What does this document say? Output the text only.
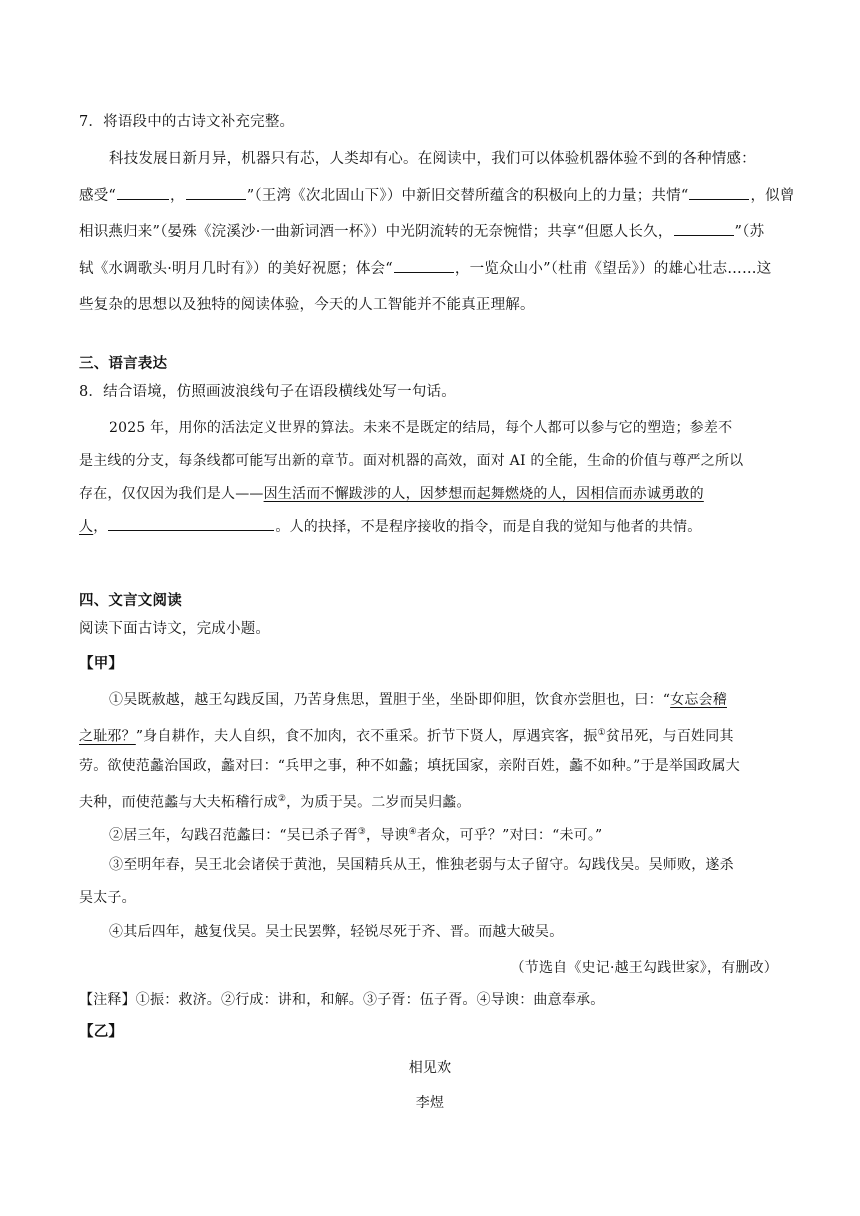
7．将语段中的古诗文补充完整。
科技发展日新月异，机器只有芯，人类却有心。在阅读中，我们可以体验机器体验不到的各种情感：
感受“	，	”（王湾《次北固山下》）中新旧交替所蕴含的积极向上的力量；共情“	，似曾
相识燕归来”（晏殊《浣溪沙·一曲新词酒一杯》）中光阴流转的无奈惋惜；共享“但愿人长久，	”（苏
轼《水调歌头·明月几时有》）的美好祝愿；体会“	，一览众山小”（杜甫《望岳》）的雄心壮志……这
些复杂的思想以及独特的阅读体验，今天的人工智能并不能真正理解。
三、语言表达
8．结合语境，仿照画波浪线句子在语段横线处写一句话。
2025 年，用你的活法定义世界的算法。未来不是既定的结局，每个人都可以参与它的塑造；参差不
是主线的分支，每条线都可能写出新的章节。面对机器的高效，面对 AI 的全能，生命的价值与尊严之所以
存在，仅仅因为我们是人——因生活而不懈跋涉的人，因梦想而起舞燃烧的人，因相信而赤诚勇敢的
人，	。人的抉择，不是程序接收的指令，而是自我的觉知与他者的共情。
四、文言文阅读
阅读下面古诗文，完成小题。
【甲】
①吴既赦越，越王勾践反国，乃苦身焦思，置胆于坐，坐卧即仰胆，饮食亦尝胆也，曰：“女忘会稽
之耻邪？”身自耕作，夫人自织，食不加肉，衣不重采。折节下贤人，厚遇宾客，振①贫吊死，与百姓同其
劳。欲使范蠡治国政，蠡对曰：“兵甲之事，种不如蠡；填抚国家，亲附百姓，蠡不如种。”于是举国政属大
夫种，而使范蠡与大夫柘稽行成②，为质于吴。二岁而吴归蠡。
②居三年，勾践召范蠡曰：“吴已杀子胥③，导谀④者众，可乎？”对曰：“未可。”
③至明年春，吴王北会诸侯于黄池，吴国精兵从王，惟独老弱与太子留守。勾践伐吴。吴师败，遂杀
吴太子。
④其后四年，越复伐吴。吴士民罢弊，轻锐尽死于齐、晋。而越大破吴。
（节选自《史记·越王勾践世家》，有删改）
【注释】①振：救济。②行成：讲和，和解。③子胥：伍子胥。④导谀：曲意奉承。
【乙】
相见欢
李煜
